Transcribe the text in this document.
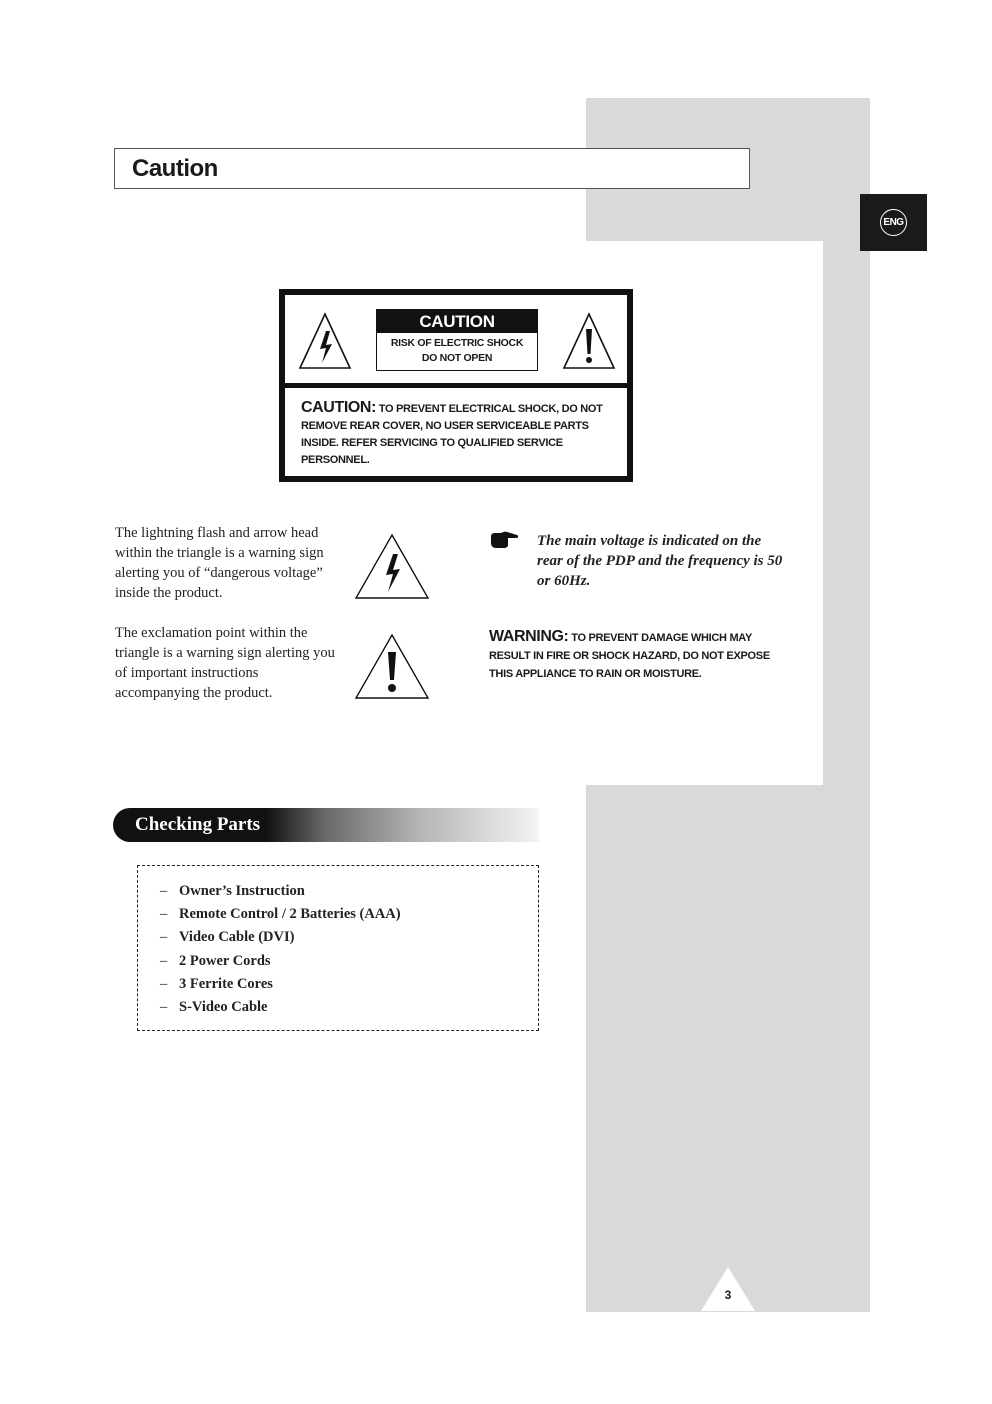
ENG
Caution
CAUTION
RISK OF ELECTRIC SHOCK
DO NOT OPEN
CAUTION: TO PREVENT ELECTRICAL SHOCK, DO NOT REMOVE REAR COVER, NO USER SERVICEABLE PARTS INSIDE. REFER SERVICING TO QUALIFIED SERVICE PERSONNEL.
The lightning flash and arrow head within the triangle is a warning sign alerting you of “dangerous voltage” inside the product.
The exclamation point within the triangle is a warning sign alerting you of important instructions accompanying the product.
The main voltage is indicated on the rear of the PDP and the frequency is 50 or 60Hz.
WARNING: TO PREVENT DAMAGE WHICH MAY RESULT IN FIRE OR SHOCK HAZARD, DO NOT EXPOSE THIS APPLIANCE TO RAIN OR MOISTURE.
Checking Parts
– Owner’s Instruction
– Remote Control / 2 Batteries (AAA)
– Video Cable (DVI)
– 2 Power Cords
– 3 Ferrite Cores
– S-Video Cable
3
